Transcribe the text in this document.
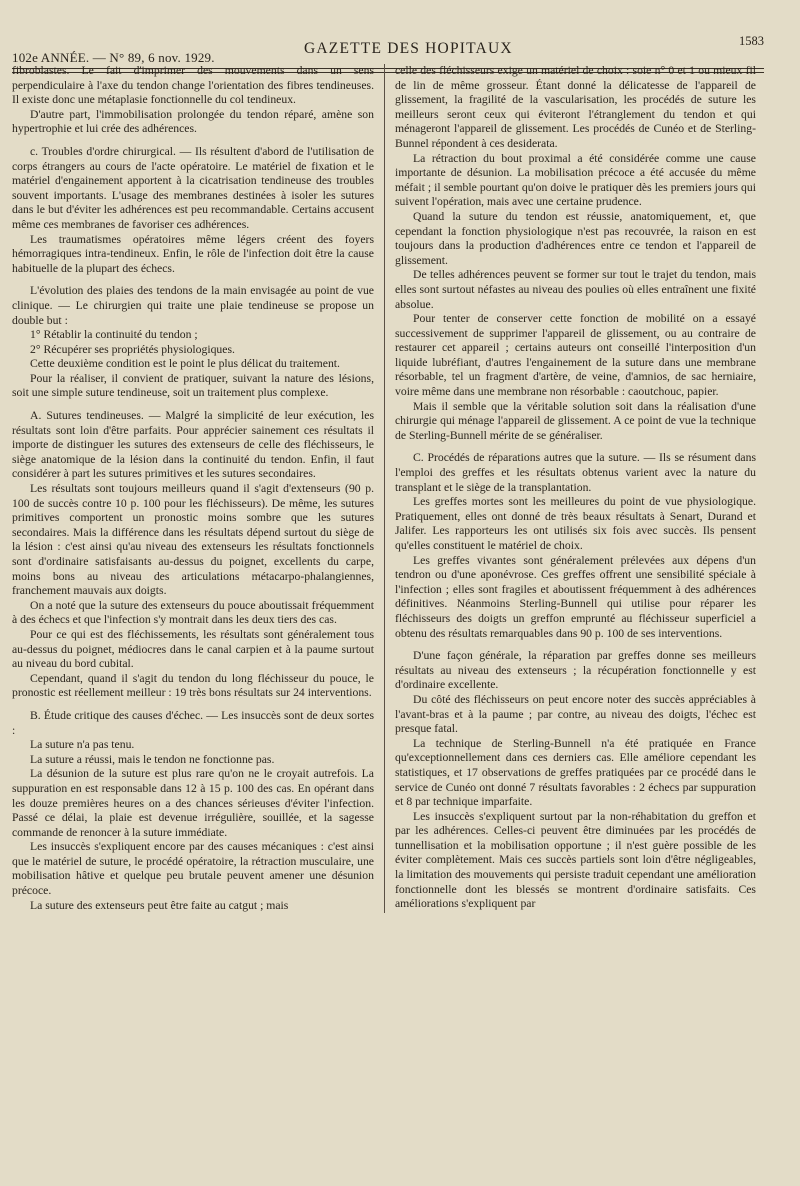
102e ANNÉE. — N° 89, 6 nov. 1929.
GAZETTE DES HOPITAUX	1583

fibroblastes. Le fait d'imprimer des mouvements dans un sens perpendiculaire à l'axe du tendon change l'orientation des fibres tendineuses. Il existe donc une métaplasie fonctionnelle du col tendineux.

D'autre part, l'immobilisation prolongée du tendon réparé, amène son hypertrophie et lui crée des adhérences.

c. Troubles d'ordre chirurgical. — Ils résultent d'abord de l'utilisation de corps étrangers au cours de l'acte opératoire. Le matériel de fixation et le matériel d'engainement apportent à la cicatrisation tendineuse des troubles souvent importants. L'usage des membranes destinées à isoler les sutures dans le but d'éviter les adhérences est peu recommandable. Certains accusent même ces membranes de favoriser ces adhérences.

Les traumatismes opératoires même légers créent des foyers hémorragiques intra-tendineux. Enfin, le rôle de l'infection doit être la cause habituelle de la plupart des échecs.

L'évolution des plaies des tendons de la main envisagée au point de vue clinique. — Le chirurgien qui traite une plaie tendineuse se propose un double but :

1° Rétablir la continuité du tendon ;

2° Récupérer ses propriétés physiologiques.

Cette deuxième condition est le point le plus délicat du traitement.

Pour la réaliser, il convient de pratiquer, suivant la nature des lésions, soit une simple suture tendineuse, soit un traitement plus complexe.

A. Sutures tendineuses. — Malgré la simplicité de leur exécution, les résultats sont loin d'être parfaits. Pour apprécier sainement ces résultats il importe de distinguer les sutures des extenseurs de celle des fléchisseurs, le siège anatomique de la lésion dans la continuité du tendon. Enfin, il faut considérer à part les sutures primitives et les sutures secondaires.

Les résultats sont toujours meilleurs quand il s'agit d'extenseurs (90 p. 100 de succès contre 10 p. 100 pour les fléchisseurs). De même, les sutures primitives comportent un pronostic moins sombre que les sutures secondaires. Mais la différence dans les résultats dépend surtout du siège de la lésion : c'est ainsi qu'au niveau des extenseurs les résultats fonctionnels sont d'ordinaire satisfaisants au-dessus du poignet, excellents du carpe, moins bons au niveau des articulations métacarpo-phalangiennes, franchement mauvais aux doigts.

On a noté que la suture des extenseurs du pouce aboutissait fréquemment à des échecs et que l'infection s'y montrait dans les deux tiers des cas.

Pour ce qui est des fléchissements, les résultats sont généralement tous au-dessus du poignet, médiocres dans le canal carpien et à la paume surtout au niveau du bord cubital.

Cependant, quand il s'agit du tendon du long fléchisseur du pouce, le pronostic est réellement meilleur : 19 très bons résultats sur 24 interventions.

B. Étude critique des causes d'échec. — Les insuccès sont de deux sortes :

La suture n'a pas tenu.

La suture a réussi, mais le tendon ne fonctionne pas.

La désunion de la suture est plus rare qu'on ne le croyait autrefois. La suppuration en est responsable dans 12 à 15 p. 100 des cas. En opérant dans les douze premières heures on a des chances sérieuses d'éviter l'infection. Passé ce délai, la plaie est devenue irrégulière, souillée, et la sagesse commande de renoncer à la suture immédiate.

Les insuccès s'expliquent encore par des causes mécaniques : c'est ainsi que le matériel de suture, le procédé opératoire, la rétraction musculaire, une mobilisation hâtive et quelque peu brutale peuvent amener une désunion précoce.

La suture des extenseurs peut être faite au catgut ; mais

celle des fléchisseurs exige un matériel de choix : soie n° 0 et 1 ou mieux fil de lin de même grosseur. Étant donné la délicatesse de l'appareil de glissement, la fragilité de la vascularisation, les procédés de suture les meilleurs seront ceux qui éviteront l'étranglement du tendon et qui ménageront l'appareil de glissement. Les procédés de Cunéo et de Sterling-Bunnel répondent à ces desiderata.

La rétraction du bout proximal a été considérée comme une cause importante de désunion. La mobilisation précoce a été accusée du même méfait ; il semble pourtant qu'on doive le pratiquer dès les premiers jours qui suivent l'opération, mais avec une certaine prudence.

Quand la suture du tendon est réussie, anatomiquement, et, que cependant la fonction physiologique n'est pas recouvrée, la raison en est toujours dans la production d'adhérences entre ce tendon et l'appareil de glissement.

De telles adhérences peuvent se former sur tout le trajet du tendon, mais elles sont surtout néfastes au niveau des poulies où elles entraînent une fixité absolue.

Pour tenter de conserver cette fonction de mobilité on a essayé successivement de supprimer l'appareil de glissement, ou au contraire de restaurer cet appareil ; certains auteurs ont conseillé l'interposition d'un liquide lubréfiant, d'autres l'engainement de la suture dans une membrane résorbable, tel un fragment d'artère, de veine, d'amnios, de sac herniaire, voire même dans une membrane non résorbable : caoutchouc, papier.

Mais il semble que la véritable solution soit dans la réalisation d'une chirurgie qui ménage l'appareil de glissement. A ce point de vue la technique de Sterling-Bunnell mérite de se généraliser.

C. Procédés de réparations autres que la suture. — Ils se résument dans l'emploi des greffes et les résultats obtenus varient avec la nature du transplant et le siège de la transplantation.

Les greffes mortes sont les meilleures du point de vue physiologique. Pratiquement, elles ont donné de très beaux résultats à Senart, Durand et Jalifer. Les rapporteurs les ont utilisés six fois avec succès. Ils pensent qu'elles constituent le matériel de choix.

Les greffes vivantes sont généralement prélevées aux dépens d'un tendron ou d'une aponévrose. Ces greffes offrent une sensibilité spéciale à l'infection ; elles sont fragiles et aboutissent fréquemment à des adhérences définitives. Néanmoins Sterling-Bunnell qui utilise pour réparer les fléchisseurs des doigts un greffon emprunté au fléchisseur superficiel a obtenu des résultats remarquables dans 90 p. 100 de ses interventions.

D'une façon générale, la réparation par greffes donne ses meilleurs résultats au niveau des extenseurs ; la récupération fonctionnelle y est d'ordinaire excellente.

Du côté des fléchisseurs on peut encore noter des succès appréciables à l'avant-bras et à la paume ; par contre, au niveau des doigts, l'échec est presque fatal.

La technique de Sterling-Bunnell n'a été pratiquée en France qu'exceptionnellement dans ces derniers cas. Elle améliore cependant les statistiques, et 17 observations de greffes pratiquées par ce procédé dans le service de Cunéo ont donné 7 résultats favorables : 2 échecs par suppuration et 8 par technique imparfaite.

Les insuccès s'expliquent surtout par la non-réhabitation du greffon et par les adhérences. Celles-ci peuvent être diminuées par les procédés de tunnellisation et la mobilisation opportune ; il n'est guère possible de les éviter complètement. Mais ces succès partiels sont loin d'être négligeables, la limitation des mouvements qui persiste traduit cependant une amélioration fonctionnelle dont les blessés se montrent d'ordinaire satisfaits. Ces améliorations s'expliquent par
